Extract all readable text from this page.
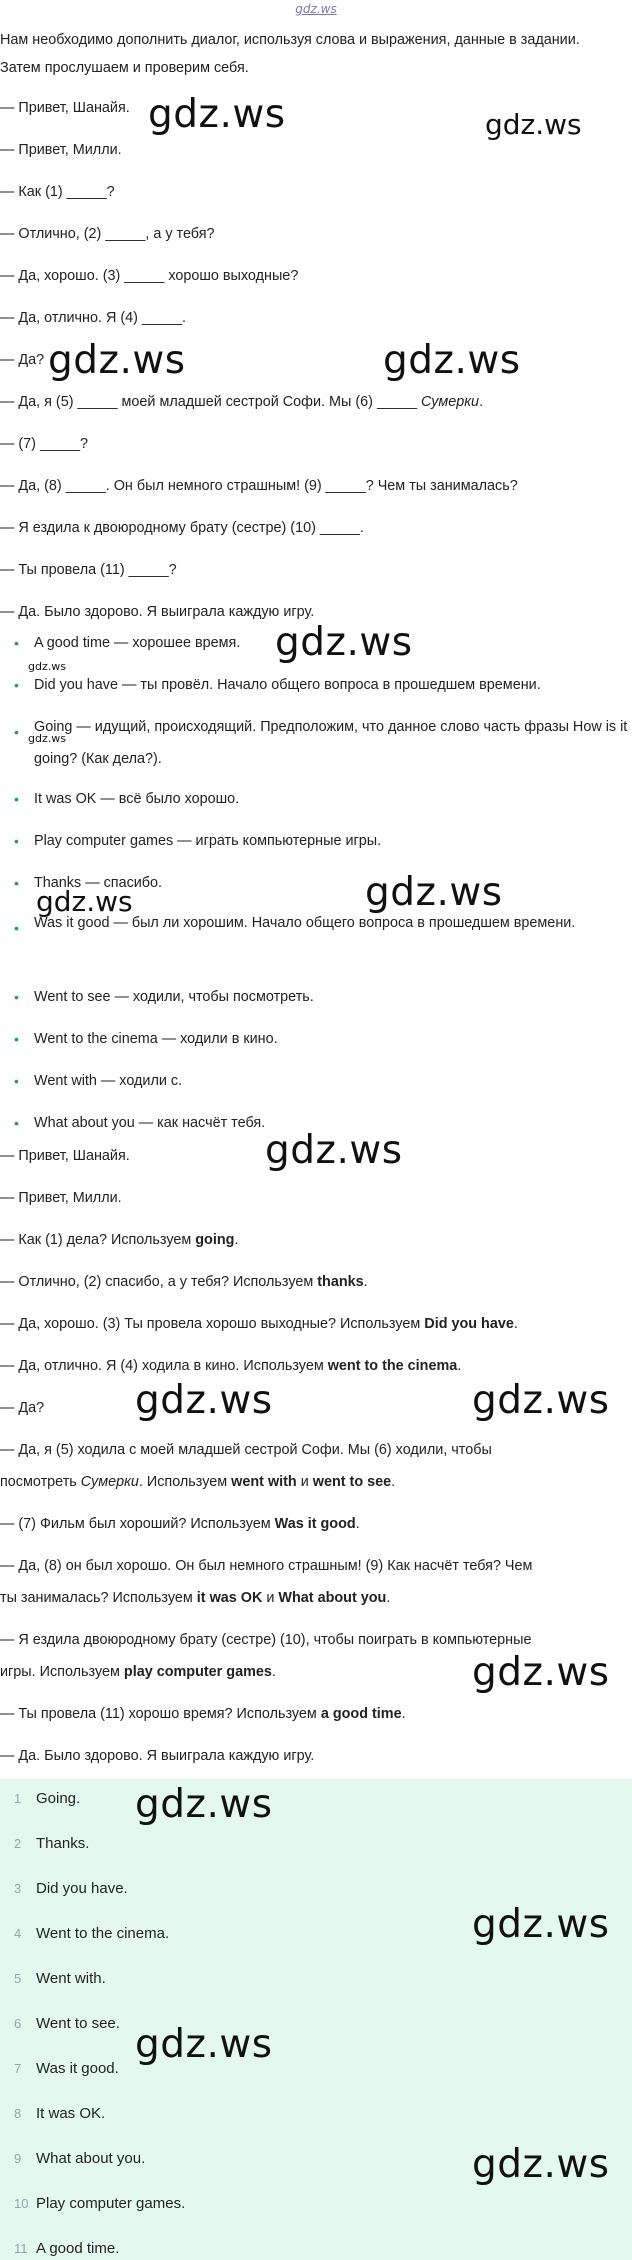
gdz.ws
Нам необходимо дополнить диалог, используя слова и выражения, данные в задании. Затем прослушаем и проверим себя.
— Привет, Шанайя.
— Привет, Милли.
— Как (1) _____?
— Отлично, (2) _____, а у тебя?
— Да, хорошо. (3) _____ хорошо выходные?
— Да, отлично. Я (4) _____.
— Да?
— Да, я (5) _____ моей младшей сестрой Софи. Мы (6) _____ Сумерки.
— (7) _____?
— Да, (8) _____. Он был немного страшным! (9) _____? Чем ты занималась?
— Я ездила к двоюродному брату (сестре) (10) _____.
— Ты провела (11) _____?
— Да. Было здорово. Я выиграла каждую игру.
• A good time — хорошее время.
• Did you have — ты провёл. Начало общего вопроса в прошедшем времени.
• Going — идущий, происходящий. Предположим, что данное слово часть фразы How is it going? (Как дела?).
• It was OK — всё было хорошо.
• Play computer games — играть компьютерные игры.
• Thanks — спасибо.
• Was it good — был ли хорошим. Начало общего вопроса в прошедшем времени.
• Went to see — ходили, чтобы посмотреть.
• Went to the cinema — ходили в кино.
• Went with — ходили с.
• What about you — как насчёт тебя.
— Привет, Шанайя.
— Привет, Милли.
— Как (1) дела? Используем going.
— Отлично, (2) спасибо, а у тебя? Используем thanks.
— Да, хорошо. (3) Ты провела хорошо выходные? Используем Did you have.
— Да, отлично. Я (4) ходила в кино. Используем went to the cinema.
— Да?
— Да, я (5) ходила с моей младшей сестрой Софи. Мы (6) ходили, чтобы
посмотреть Сумерки. Используем went with и went to see.
— (7) Фильм был хороший? Используем Was it good.
— Да, (8) он был хорошо. Он был немного страшным! (9) Как насчёт тебя? Чем
ты занималась? Используем it was OK и What about you.
— Я ездила двоюродному брату (сестре) (10), чтобы поиграть в компьютерные
игры. Используем play computer games.
— Ты провела (11) хорошо время? Используем a good time.
— Да. Было здорово. Я выиграла каждую игру.
1 Going.
2 Thanks.
3 Did you have.
4 Went to the cinema.
5 Went with.
6 Went to see.
7 Was it good.
8 It was OK.
9 What about you.
10 Play computer games.
11 A good time.
gdz.ws	gdz.ws
gdz.ws	gdz.ws
gdz.ws
gdz.ws
gdz.ws
gdz.ws	gdz.ws
gdz.ws
gdz.ws	gdz.ws
gdz.ws
gdz.ws
gdz.ws
gdz.ws
gdz.ws
